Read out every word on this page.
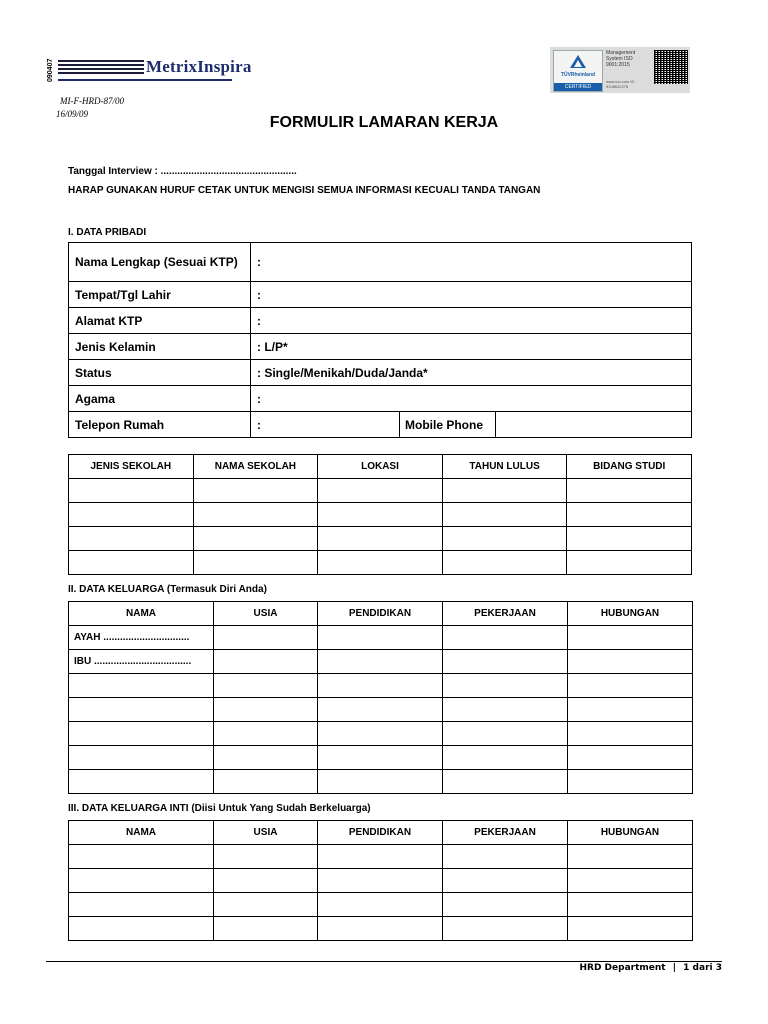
090407	MetrixInspira	TÜVRheinland
CERTIFIED
Management System ISO 9001:2015
www.tuv.com ID 9108632276
MI-F-HRD-87/00
16/09/09	FORMULIR LAMARAN KERJA
Tanggal Interview : .................................................
HARAP GUNAKAN HURUF CETAK UNTUK MENGISI SEMUA INFORMASI KECUALI TANDA TANGAN
I. DATA PRIBADI
Nama Lengkap (Sesuai KTP)	:		
Tempat/Tgl Lahir	:		
Alamat KTP	:		
Jenis Kelamin	: L/P*		
Status	: Single/Menikah/Duda/Janda*		
Agama	:		
Telepon Rumah	:	Mobile Phone	
JENIS SEKOLAH	NAMA SEKOLAH	LOKASI	TAHUN LULUS	BIDANG STUDI

II. DATA KELUARGA (Termasuk Diri Anda)
NAMA	USIA	PENDIDIKAN	PEKERJAAN	HUBUNGAN
AYAH ...............................				
IBU ...................................				

III. DATA KELUARGA INTI (Diisi Untuk Yang Sudah Berkeluarga)
NAMA	USIA	PENDIDIKAN	PEKERJAAN	HUBUNGAN

HRD Department | 1 dari 3
